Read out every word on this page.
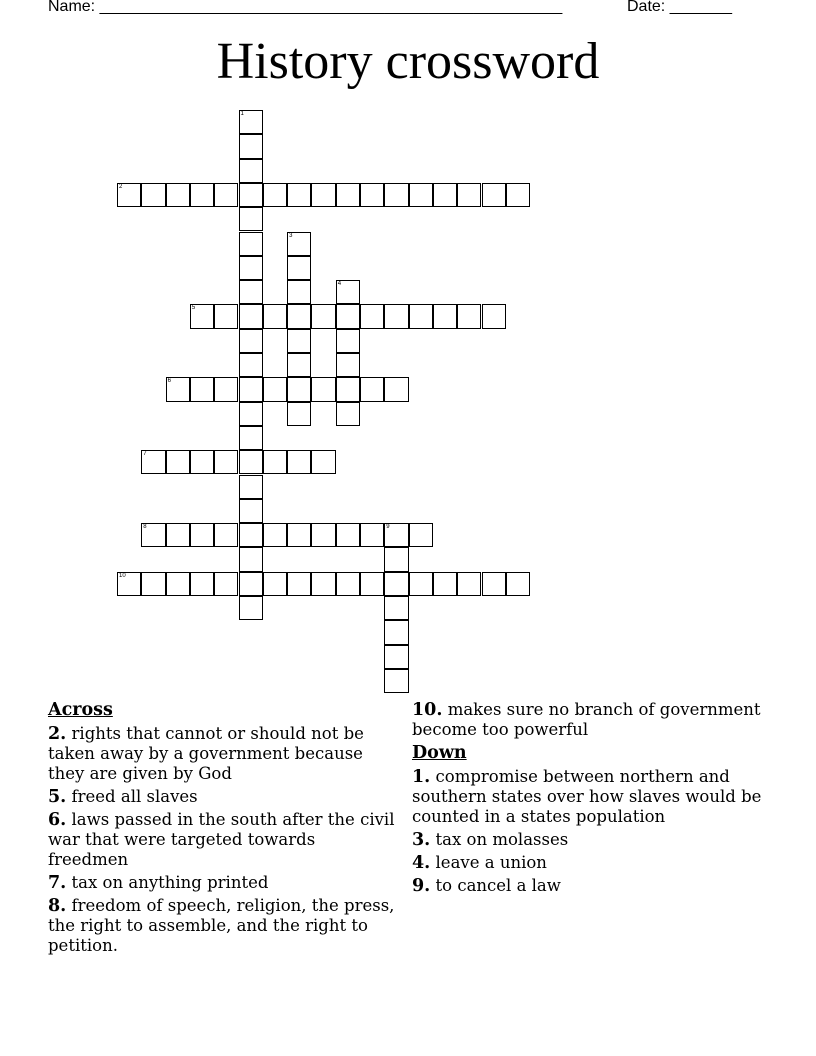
Name: ____________________________________________________	Date: _______
History crossword
1
2
3
4
5
6
7
8	9
10
Across
2. rights that cannot or should not be taken away by a government because they are given by God
5. freed all slaves
6. laws passed in the south after the civil war that were targeted towards freedmen
7. tax on anything printed
8. freedom of speech, religion, the press, the right to assemble, and the right to petition.
10. makes sure no branch of government become too powerful
Down
1. compromise between northern and southern states over how slaves would be counted in a states population
3. tax on molasses
4. leave a union
9. to cancel a law
